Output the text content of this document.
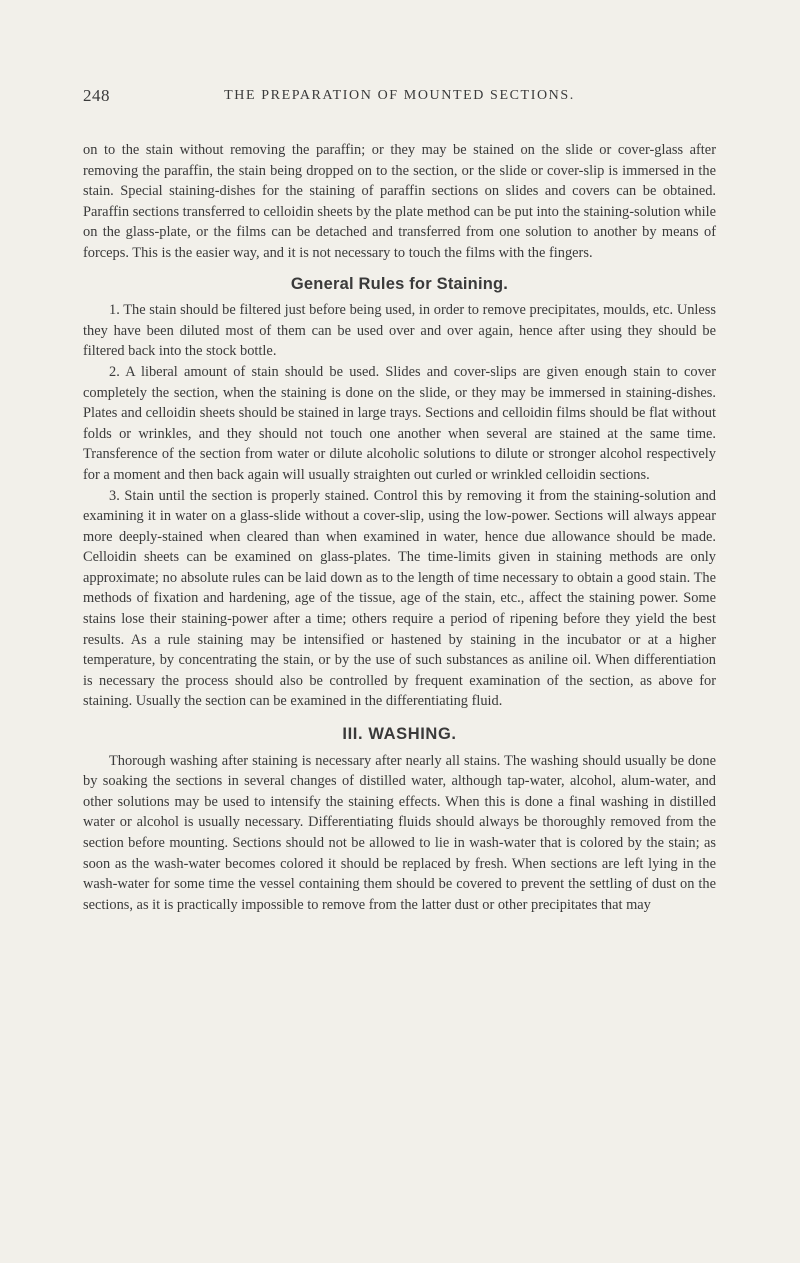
248	THE PREPARATION OF MOUNTED SECTIONS.

on to the stain without removing the paraffin; or they may be stained on the slide or cover-glass after removing the paraffin, the stain being dropped on to the section, or the slide or cover-slip is immersed in the stain. Special staining-dishes for the staining of paraffin sections on slides and covers can be obtained. Paraffin sections transferred to celloidin sheets by the plate method can be put into the staining-solution while on the glass-plate, or the films can be detached and transferred from one solution to another by means of forceps. This is the easier way, and it is not necessary to touch the films with the fingers.

General Rules for Staining.

1. The stain should be filtered just before being used, in order to remove precipitates, moulds, etc. Unless they have been diluted most of them can be used over and over again, hence after using they should be filtered back into the stock bottle.

2. A liberal amount of stain should be used. Slides and cover-slips are given enough stain to cover completely the section, when the staining is done on the slide, or they may be immersed in staining-dishes. Plates and celloidin sheets should be stained in large trays. Sections and celloidin films should be flat without folds or wrinkles, and they should not touch one another when several are stained at the same time. Transference of the section from water or dilute alcoholic solutions to dilute or stronger alcohol respectively for a moment and then back again will usually straighten out curled or wrinkled celloidin sections.

3. Stain until the section is properly stained. Control this by removing it from the staining-solution and examining it in water on a glass-slide without a cover-slip, using the low-power. Sections will always appear more deeply-stained when cleared than when examined in water, hence due allowance should be made. Celloidin sheets can be examined on glass-plates. The time-limits given in staining methods are only approximate; no absolute rules can be laid down as to the length of time necessary to obtain a good stain. The methods of fixation and hardening, age of the tissue, age of the stain, etc., affect the staining power. Some stains lose their staining-power after a time; others require a period of ripening before they yield the best results. As a rule staining may be intensified or hastened by staining in the incubator or at a higher temperature, by concentrating the stain, or by the use of such substances as aniline oil. When differentiation is necessary the process should also be controlled by frequent examination of the section, as above for staining. Usually the section can be examined in the differentiating fluid.

III. WASHING.

Thorough washing after staining is necessary after nearly all stains. The washing should usually be done by soaking the sections in several changes of distilled water, although tap-water, alcohol, alum-water, and other solutions may be used to intensify the staining effects. When this is done a final washing in distilled water or alcohol is usually necessary. Differentiating fluids should always be thoroughly removed from the section before mounting. Sections should not be allowed to lie in wash-water that is colored by the stain; as soon as the wash-water becomes colored it should be replaced by fresh. When sections are left lying in the wash-water for some time the vessel containing them should be covered to prevent the settling of dust on the sections, as it is practically impossible to remove from the latter dust or other precipitates that may
